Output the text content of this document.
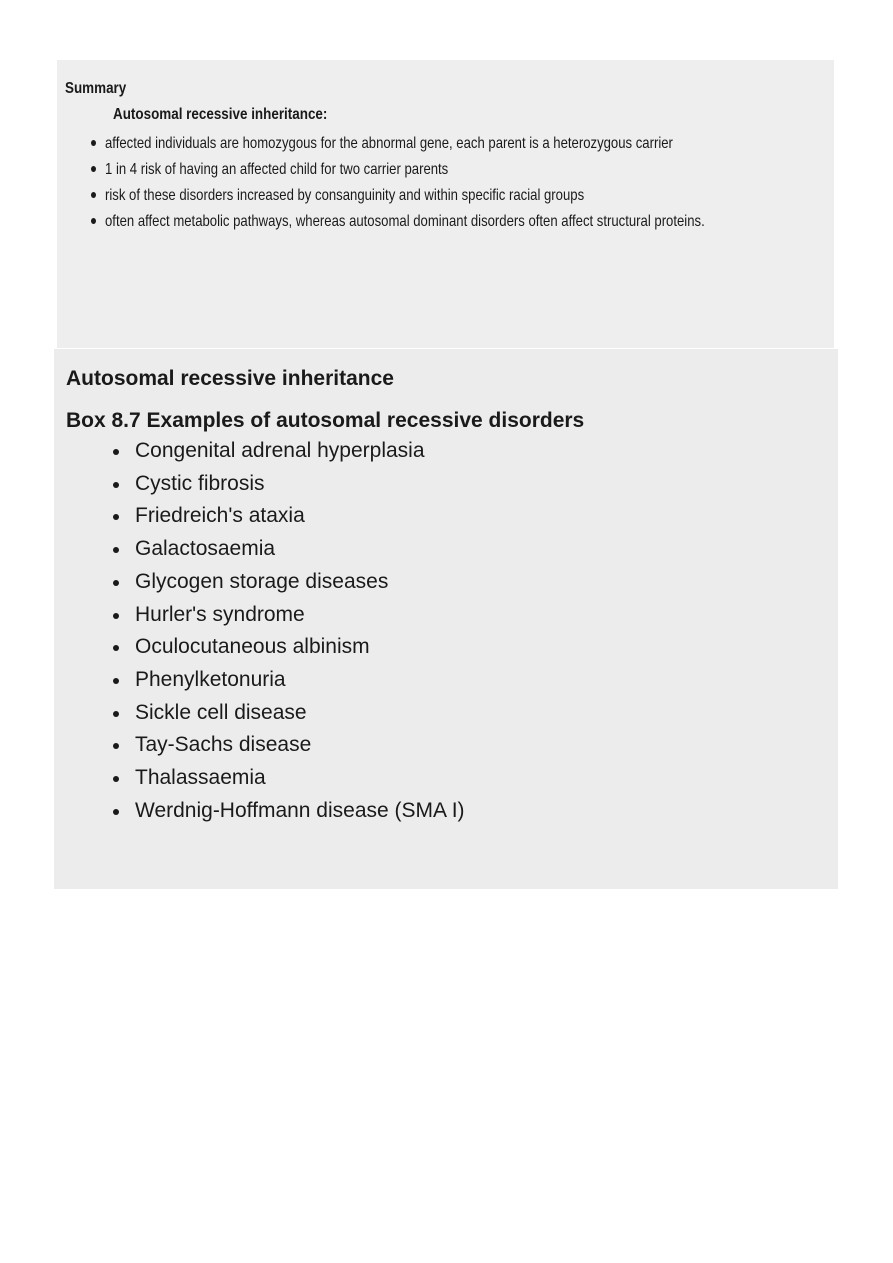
Summary
Autosomal recessive inheritance:
affected individuals are homozygous for the abnormal gene, each parent is a heterozygous carrier
1 in 4 risk of having an affected child for two carrier parents
risk of these disorders increased by consanguinity and within specific racial groups
often affect metabolic pathways, whereas autosomal dominant disorders often affect structural proteins.
Autosomal recessive inheritance
Box 8.7 Examples of autosomal recessive disorders
Congenital adrenal hyperplasia
Cystic fibrosis
Friedreich's ataxia
Galactosaemia
Glycogen storage diseases
Hurler's syndrome
Oculocutaneous albinism
Phenylketonuria
Sickle cell disease
Tay-Sachs disease
Thalassaemia
Werdnig-Hoffmann disease (SMA I)
